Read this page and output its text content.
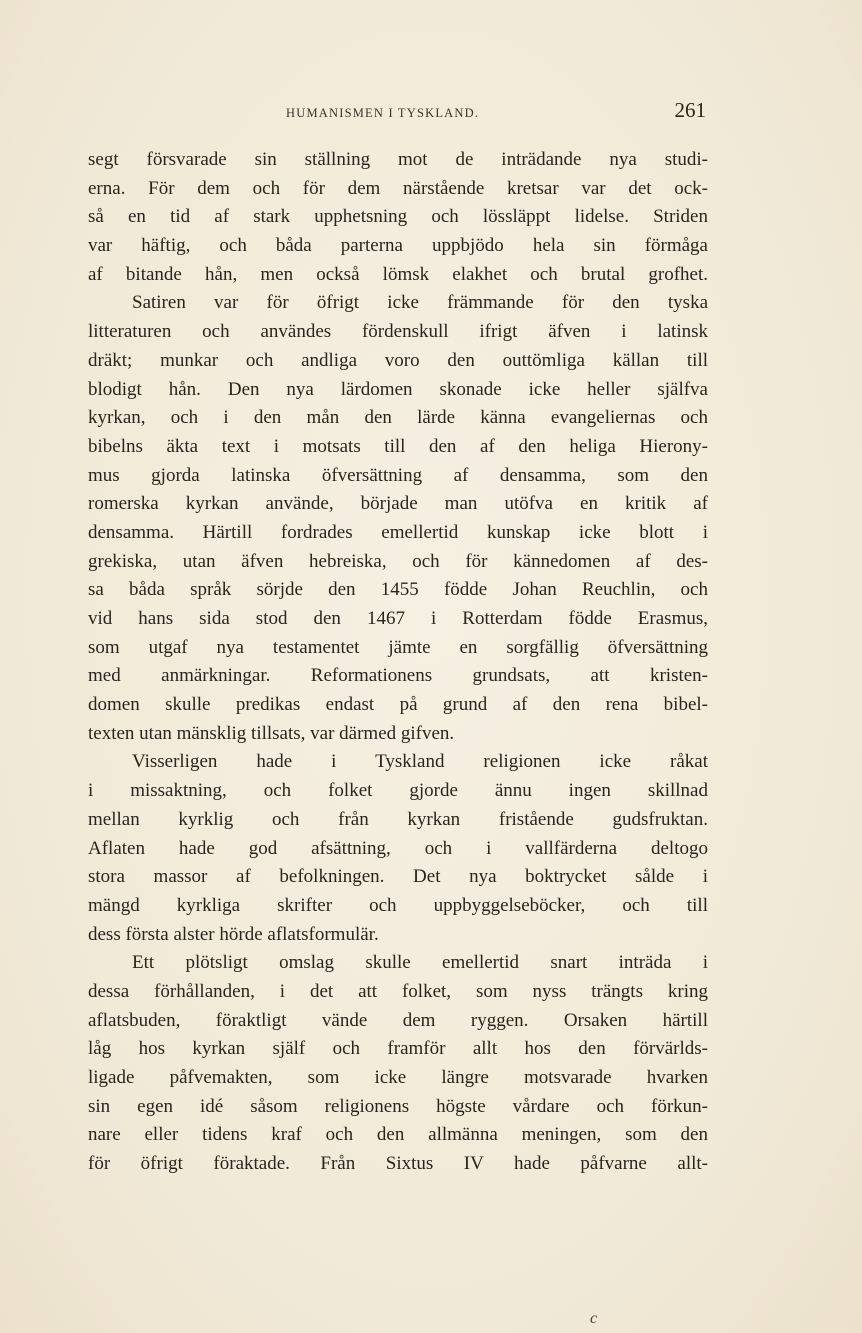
HUMANISMEN I TYSKLAND.	261
segt försvarade sin ställning mot de inträdande nya studi-
erna. För dem och för dem närstående kretsar var det ock-
så en tid af stark upphetsning och lössläppt lidelse. Striden
var häftig, och båda parterna uppbjödo hela sin förmåga
af bitande hån, men också lömsk elakhet och brutal grofhet.
Satiren var för öfrigt icke främmande för den tyska
litteraturen och användes fördenskull ifrigt äfven i latinsk
dräkt; munkar och andliga voro den outtömliga källan till
blodigt hån. Den nya lärdomen skonade icke heller själfva
kyrkan, och i den mån den lärde känna evangeliernas och
bibelns äkta text i motsats till den af den heliga Hierony-
mus gjorda latinska öfversättning af densamma, som den
romerska kyrkan använde, började man utöfva en kritik af
densamma. Härtill fordrades emellertid kunskap icke blott i
grekiska, utan äfven hebreiska, och för kännedomen af des-
sa båda språk sörjde den 1455 födde Johan Reuchlin, och
vid hans sida stod den 1467 i Rotterdam födde Erasmus,
som utgaf nya testamentet jämte en sorgfällig öfversättning
med anmärkningar. Reformationens grundsats, att kristen-
domen skulle predikas endast på grund af den rena bibel-
texten utan mänsklig tillsats, var därmed gifven.
Visserligen hade i Tyskland religionen icke råkat
i missaktning, och folket gjorde ännu ingen skillnad
mellan kyrklig och från kyrkan fristående gudsfruktan.
Aflaten hade god afsättning, och i vallfärderna deltogo
stora massor af befolkningen. Det nya boktrycket sålde i
mängd kyrkliga skrifter och uppbyggelseböcker, och till
dess första alster hörde aflatsformulär.
Ett plötsligt omslag skulle emellertid snart inträda i
dessa förhållanden, i det att folket, som nyss trängts kring
aflatsbuden, föraktligt vände dem ryggen. Orsaken härtill
låg hos kyrkan själf och framför allt hos den förvärlds-
ligade påfvemakten, som icke längre motsvarade hvarken
sin egen idé såsom religionens högste vårdare och förkun-
nare eller tidens kraf och den allmänna meningen, som den
för öfrigt föraktade. Från Sixtus IV hade påfvarne allt-
c
